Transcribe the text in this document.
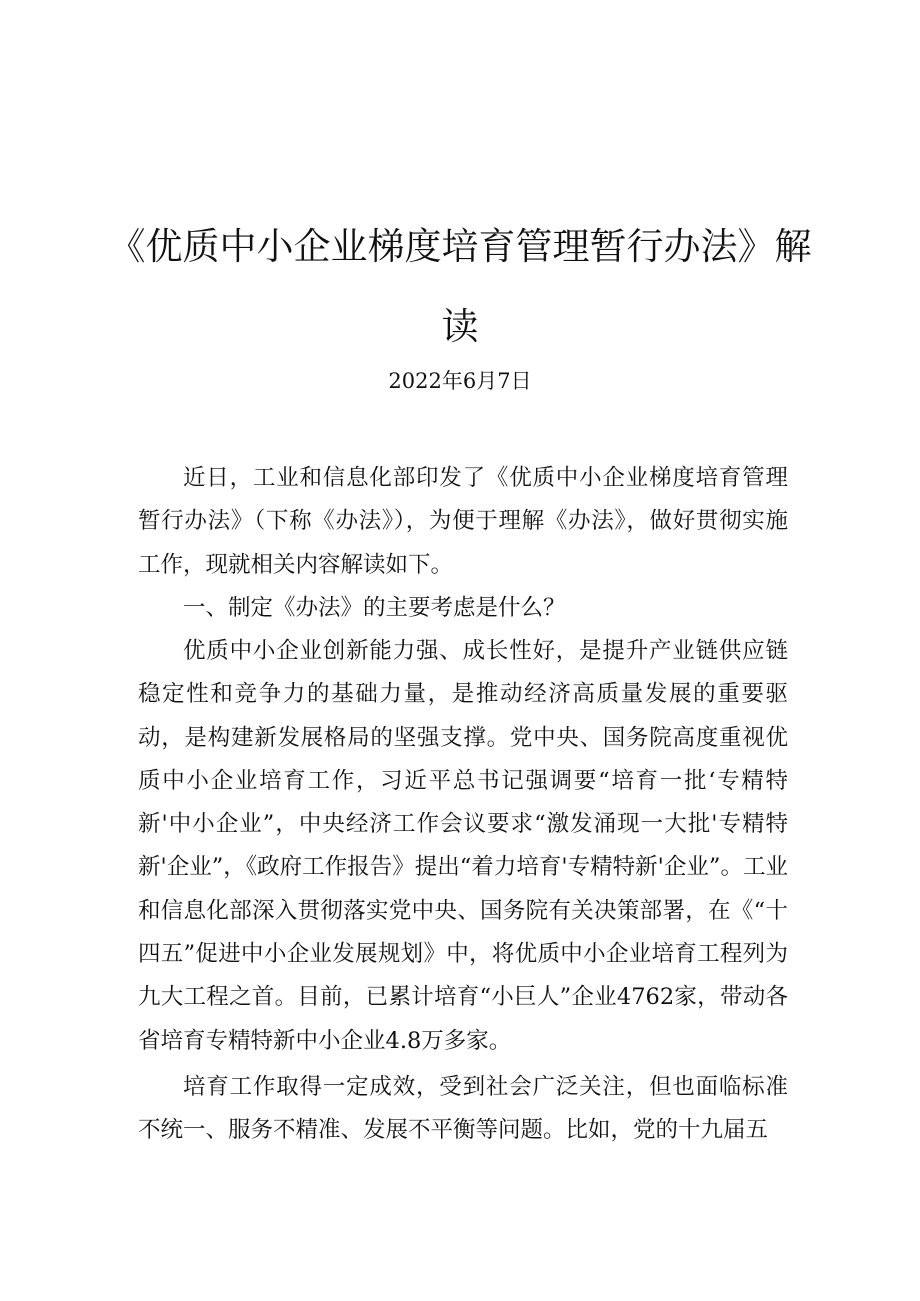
《优质中小企业梯度培育管理暂行办法》解
读
2022年6月7日

近日，工业和信息化部印发了《优质中小企业梯度培育管理暂行办法》（下称《办法》），为便于理解《办法》，做好贯彻实施工作，现就相关内容解读如下。

一、制定《办法》的主要考虑是什么？

优质中小企业创新能力强、成长性好，是提升产业链供应链稳定性和竞争力的基础力量，是推动经济高质量发展的重要驱动，是构建新发展格局的坚强支撑。党中央、国务院高度重视优质中小企业培育工作，习近平总书记强调要“培育一批‘专精特新'中小企业”，中央经济工作会议要求“激发涌现一大批'专精特新'企业”，《政府工作报告》提出“着力培育'专精特新'企业”。工业和信息化部深入贯彻落实党中央、国务院有关决策部署，在《“十四五”促进中小企业发展规划》中，将优质中小企业培育工程列为九大工程之首。目前，已累计培育“小巨人”企业4762家，带动各省培育专精特新中小企业4.8万多家。

培育工作取得一定成效，受到社会广泛关注，但也面临标准不统一、服务不精准、发展不平衡等问题。比如，党的十九届五
